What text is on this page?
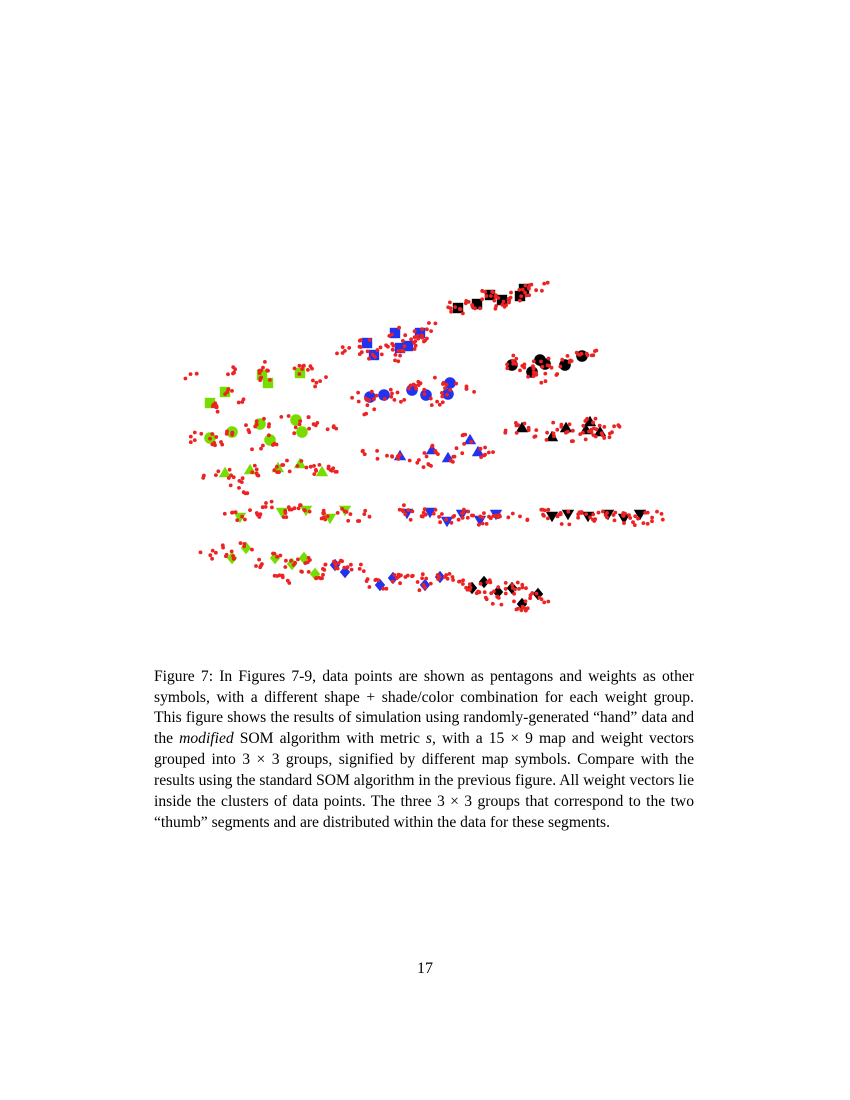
Figure 7: In Figures 7-9, data points are shown as pentagons and weights as other symbols, with a different shape + shade/color combination for each weight group. This figure shows the results of simulation using randomly-generated “hand” data and the modified SOM algorithm with metric s, with a 15 × 9 map and weight vectors grouped into 3 × 3 groups, signified by different map symbols. Compare with the results using the standard SOM algorithm in the previous figure. All weight vectors lie inside the clusters of data points. The three 3 × 3 groups that correspond to the two “thumb” segments and are distributed within the data for these segments.

17
